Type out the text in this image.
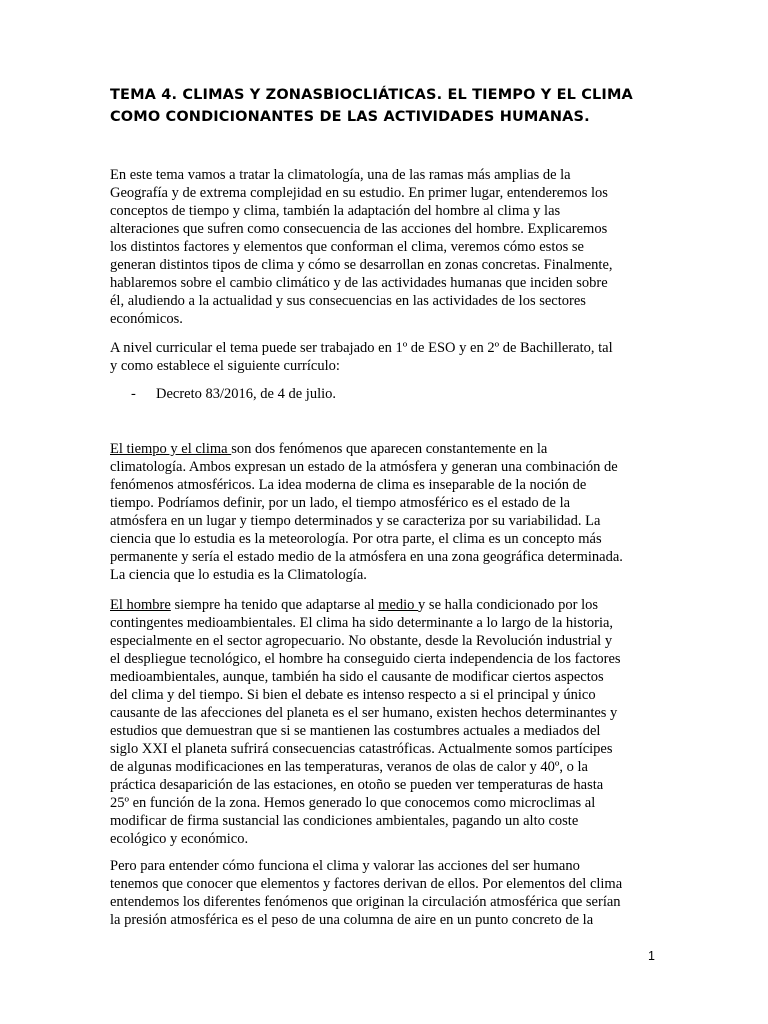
TEMA 4. CLIMAS Y ZONASBIOCLIÁTICAS. EL TIEMPO Y EL CLIMA

COMO CONDICIONANTES DE LAS ACTIVIDADES HUMANAS.

En este tema vamos a tratar la climatología, una de las ramas más amplias de la

Geografía y de extrema complejidad en su estudio. En primer lugar, entenderemos los

conceptos de tiempo y clima, también la adaptación del hombre al clima y las

alteraciones que sufren como consecuencia de las acciones del hombre. Explicaremos

los distintos factores y elementos que conforman el clima, veremos cómo estos se

generan distintos tipos de clima y cómo se desarrollan en zonas concretas. Finalmente,

hablaremos sobre el cambio climático y de las actividades humanas que inciden sobre

él, aludiendo a la actualidad y sus consecuencias en las actividades de los sectores

económicos.

A nivel curricular el tema puede ser trabajado en 1º de ESO y en 2º de Bachillerato, tal

y como establece el siguiente currículo:

- Decreto 83/2016, de 4 de julio.

El tiempo y el clima son dos fenómenos que aparecen constantemente en la

climatología. Ambos expresan un estado de la atmósfera y generan una combinación de

fenómenos atmosféricos. La idea moderna de clima es inseparable de la noción de

tiempo. Podríamos definir, por un lado, el tiempo atmosférico es el estado de la

atmósfera en un lugar y tiempo determinados y se caracteriza por su variabilidad. La

ciencia que lo estudia es la meteorología. Por otra parte, el clima es un concepto más

permanente y sería el estado medio de la atmósfera en una zona geográfica determinada.

La ciencia que lo estudia es la Climatología.

El hombre siempre ha tenido que adaptarse al medio y se halla condicionado por los

contingentes medioambientales. El clima ha sido determinante a lo largo de la historia,

especialmente en el sector agropecuario. No obstante, desde la Revolución industrial y

el despliegue tecnológico, el hombre ha conseguido cierta independencia de los factores

medioambientales, aunque, también ha sido el causante de modificar ciertos aspectos

del clima y del tiempo. Si bien el debate es intenso respecto a si el principal y único

causante de las afecciones del planeta es el ser humano, existen hechos determinantes y

estudios que demuestran que si se mantienen las costumbres actuales a mediados del

siglo XXI el planeta sufrirá consecuencias catastróficas. Actualmente somos partícipes

de algunas modificaciones en las temperaturas, veranos de olas de calor y 40º, o la

práctica desaparición de las estaciones, en otoño se pueden ver temperaturas de hasta

25º en función de la zona. Hemos generado lo que conocemos como microclimas al

modificar de firma sustancial las condiciones ambientales, pagando un alto coste

ecológico y económico.

Pero para entender cómo funciona el clima y valorar las acciones del ser humano

tenemos que conocer que elementos y factores derivan de ellos. Por elementos del clima

entendemos los diferentes fenómenos que originan la circulación atmosférica que serían

la presión atmosférica es el peso de una columna de aire en un punto concreto de la

1
